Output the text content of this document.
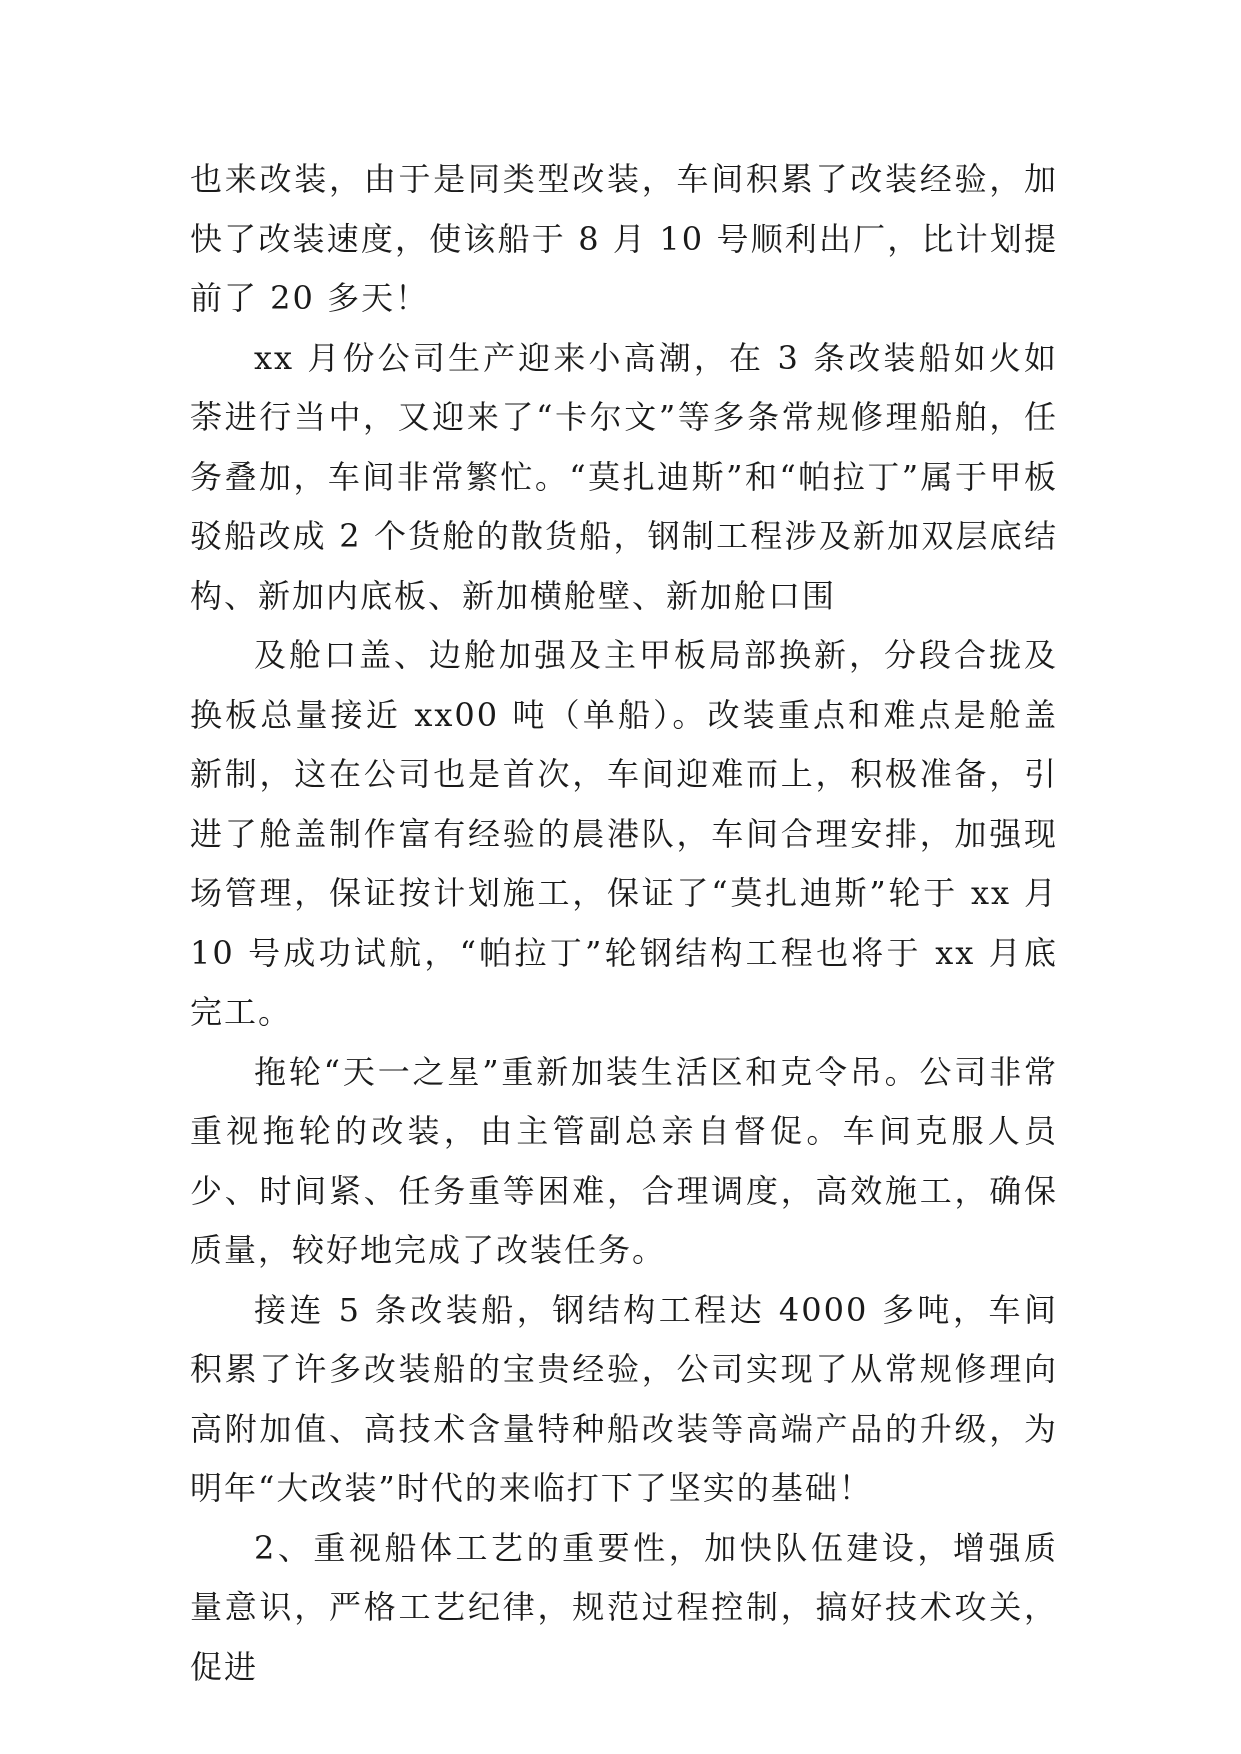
也来改装，由于是同类型改装，车间积累了改装经验，加快了改装速度，使该船于 8 月 10 号顺利出厂，比计划提前了 20 多天！

xx 月份公司生产迎来小高潮，在 3 条改装船如火如荼进行当中，又迎来了“卡尔文”等多条常规修理船舶，任务叠加，车间非常繁忙。“莫扎迪斯”和“帕拉丁”属于甲板驳船改成 2 个货舱的散货船，钢制工程涉及新加双层底结构、新加内底板、新加横舱壁、新加舱口围

及舱口盖、边舱加强及主甲板局部换新，分段合拢及换板总量接近 xx00 吨（单船）。改装重点和难点是舱盖新制，这在公司也是首次，车间迎难而上，积极准备，引进了舱盖制作富有经验的晨港队，车间合理安排，加强现场管理，保证按计划施工，保证了“莫扎迪斯”轮于 xx 月 10 号成功试航，“帕拉丁”轮钢结构工程也将于 xx 月底完工。

拖轮“天一之星”重新加装生活区和克令吊。公司非常重视拖轮的改装，由主管副总亲自督促。车间克服人员少、时间紧、任务重等困难，合理调度，高效施工，确保质量，较好地完成了改装任务。

接连 5 条改装船，钢结构工程达 4000 多吨，车间积累了许多改装船的宝贵经验，公司实现了从常规修理向高附加值、高技术含量特种船改装等高端产品的升级，为明年“大改装”时代的来临打下了坚实的基础！

2、重视船体工艺的重要性，加快队伍建设，增强质量意识，严格工艺纪律，规范过程控制，搞好技术攻关，促进
